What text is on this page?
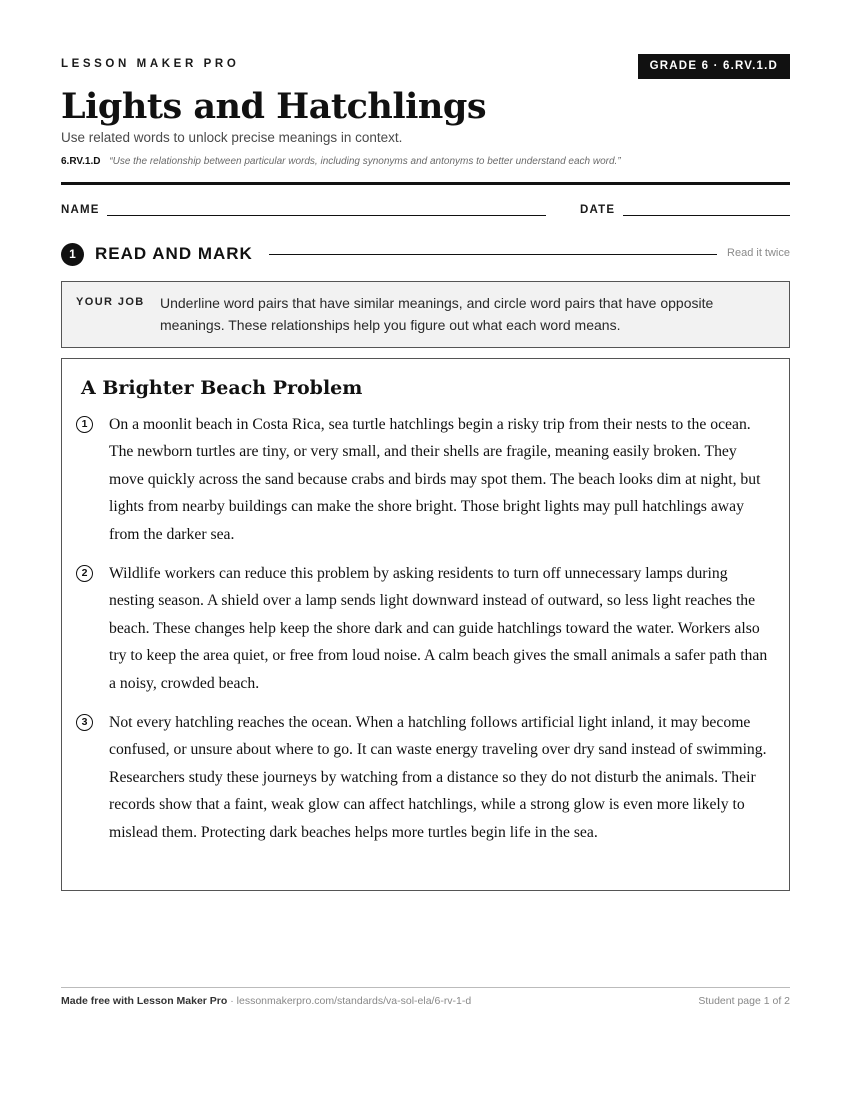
LESSON MAKER PRO	GRADE 6 · 6.RV.1.D
Lights and Hatchlings
Use related words to unlock precise meanings in context.
6.RV.1.D “Use the relationship between particular words, including synonyms and antonyms to better understand each word.”
NAME	DATE
1	READ AND MARK	Read it twice
YOUR JOB Underline word pairs that have similar meanings, and circle word pairs that have opposite meanings. These relationships help you figure out what each word means.
A Brighter Beach Problem
1	On a moonlit beach in Costa Rica, sea turtle hatchlings begin a risky trip from their nests to the ocean. The newborn turtles are tiny, or very small, and their shells are fragile, meaning easily broken. They move quickly across the sand because crabs and birds may spot them. The beach looks dim at night, but lights from nearby buildings can make the shore bright. Those bright lights may pull hatchlings away from the darker sea.

2	Wildlife workers can reduce this problem by asking residents to turn off unnecessary lamps during nesting season. A shield over a lamp sends light downward instead of outward, so less light reaches the beach. These changes help keep the shore dark and can guide hatchlings toward the water. Workers also try to keep the area quiet, or free from loud noise. A calm beach gives the small animals a safer path than a noisy, crowded beach.

3	Not every hatchling reaches the ocean. When a hatchling follows artificial light inland, it may become confused, or unsure about where to go. It can waste energy traveling over dry sand instead of swimming. Researchers study these journeys by watching from a distance so they do not disturb the animals. Their records show that a faint, weak glow can affect hatchlings, while a strong glow is even more likely to mislead them. Protecting dark beaches helps more turtles begin life in the sea.

Made free with Lesson Maker Pro · lessonmakerpro.com/standards/va-sol-ela/6-rv-1-d	Student page 1 of 2
